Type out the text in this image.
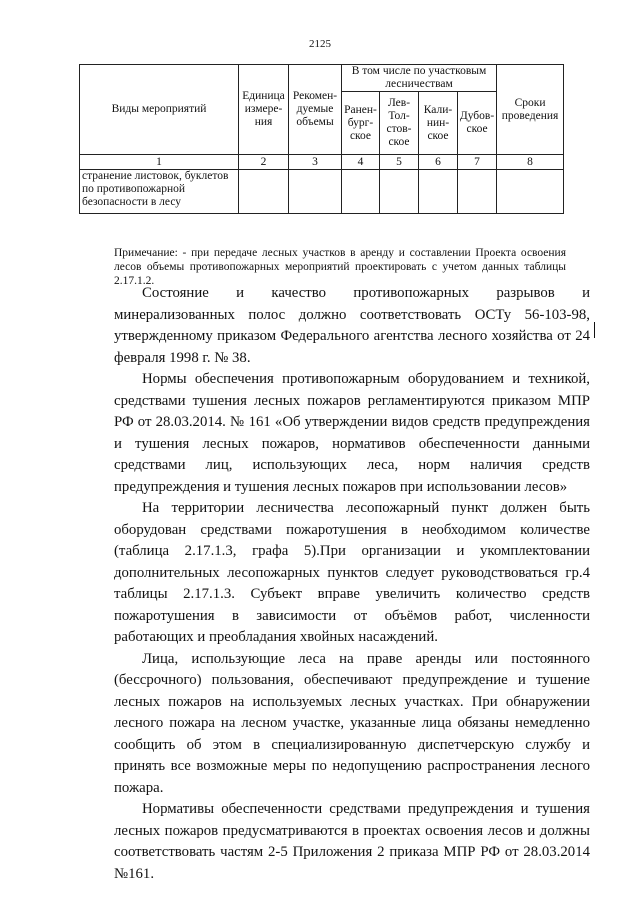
2125
Виды мероприятий	Единица измерения	Рекомендуемые объемы	В том числе по участковым лесничествам				Сроки проведения
			Раненбургское	Лев-Толстовское	Калининское	Дубовское	
1	2	3	4	5	6	7	8
странение листовок, буклетов по противопожарной безопасности в лесу							

Примечание: - при передаче лесных участков в аренду и составлении Проекта освоения лесов объемы противопожарных мероприятий проектировать с учетом данных таблицы 2.17.1.2.

Состояние и качество противопожарных разрывов и минерализованных полос должно соответствовать ОСТу 56-103-98, утвержденному приказом Федерального агентства лесного хозяйства от 24 февраля 1998 г. № 38.

Нормы обеспечения противопожарным оборудованием и техникой, средствами тушения лесных пожаров регламентируются приказом МПР РФ от 28.03.2014. № 161 «Об утверждении видов средств предупреждения и тушения лесных пожаров, нормативов обеспеченности данными средствами лиц, использующих леса, норм наличия средств предупреждения и тушения лесных пожаров при использовании лесов»

На территории лесничества лесопожарный пункт должен быть оборудован средствами пожаротушения в необходимом количестве (таблица 2.17.1.3, графа 5).При организации и укомплектовании дополнительных лесопожарных пунктов следует руководствоваться гр.4 таблицы 2.17.1.3. Субъект вправе увеличить количество средств пожаротушения в зависимости от объёмов работ, численности работающих и преобладания хвойных насаждений.

Лица, использующие леса на праве аренды или постоянного (бессрочного) пользования, обеспечивают предупреждение и тушение лесных пожаров на используемых лесных участках. При обнаружении лесного пожара на лесном участке, указанные лица обязаны немедленно сообщить об этом в специализированную диспетчерскую службу и принять все возможные меры по недопущению распространения лесного пожара.

Нормативы обеспеченности средствами предупреждения и тушения лесных пожаров предусматриваются в проектах освоения лесов и должны соответствовать частям 2-5 Приложения 2 приказа МПР РФ от 28.03.2014 №161.
